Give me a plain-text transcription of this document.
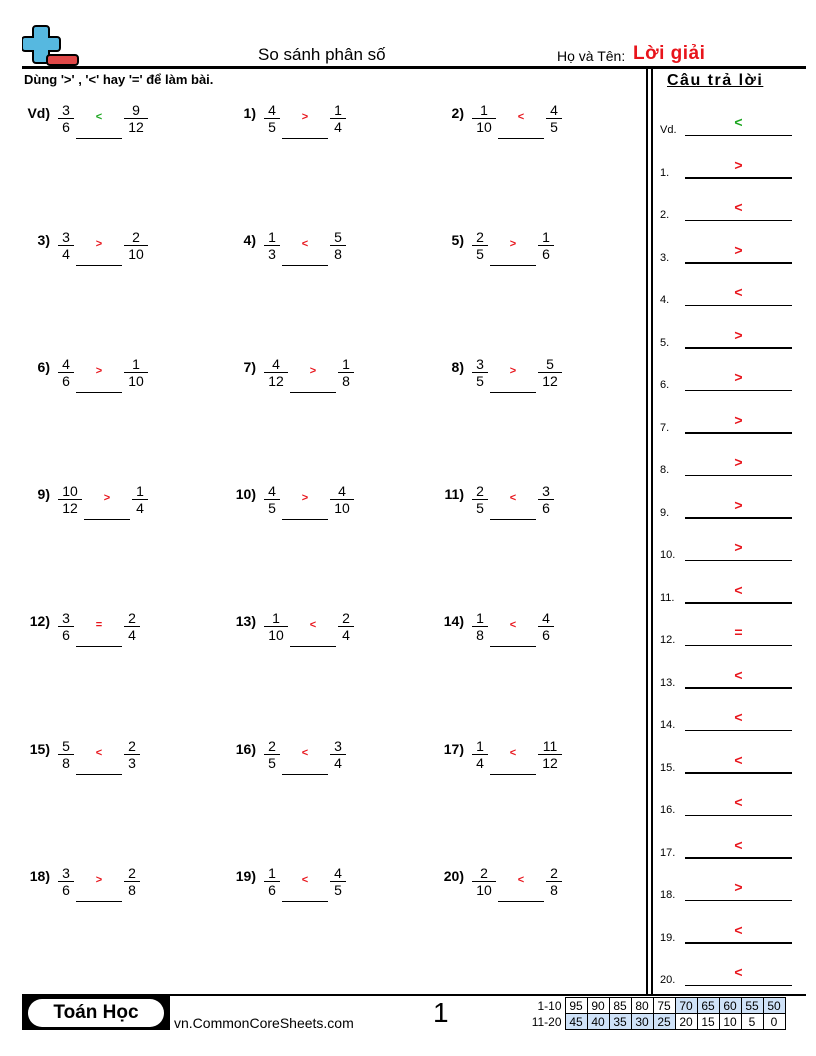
So sánh phân số	Họ và Tên: Lời giải
Dùng '>' , '<' hay '=' để làm bài.
$Vd) \frac{3}{6}$	<	$\frac{9}{12}$	$1) \frac{4}{5}$	>	$\frac{1}{4}$	$2) \frac{1}{10}$	<	$\frac{4}{5}$
$3) \frac{3}{4}$	>	$\frac{2}{10}$	$4) \frac{1}{3}$	<	$\frac{5}{8}$	$5) \frac{2}{5}$	>	$\frac{1}{6}$
$6) \frac{4}{6}$	>	$\frac{1}{10}$	$7) \frac{4}{12}$	>	$\frac{1}{8}$	$8) \frac{3}{5}$	>	$\frac{5}{12}$
$9) \frac{10}{12}$	>	$\frac{1}{4}$	$10) \frac{4}{5}$	>	$\frac{4}{10}$	$11) \frac{2}{5}$	<	$\frac{3}{6}$
$12) \frac{3}{6}$	=	$\frac{2}{4}$	$13) \frac{1}{10}$	<	$\frac{2}{4}$	$14) \frac{1}{8}$	<	$\frac{4}{6}$
$15) \frac{5}{8}$	<	$\frac{2}{3}$	$16) \frac{2}{5}$	<	$\frac{3}{4}$	$17) \frac{1}{4}$	<	$\frac{11}{12}$
$18) \frac{3}{6}$	>	$\frac{2}{8}$	$19) \frac{1}{6}$	<	$\frac{4}{5}$	$20) \frac{2}{10}$	<	$\frac{2}{8}$
Câu trả lời
Vd.	<
1.	>
2.	<
3.	>
4.	<
5.	>
6.	>
7.	>
8.	>
9.	>
10.	>
11.	<
12.	=
13.	<
14.	<
15.	<
16.	<
17.	<
18.	>
19.	<
20.	<
Toán Học	vn.CommonCoreSheets.com	1	1-10	95	90	85	80	75	70	65	60	55	50
11-20	45	40	35	30	25	20	15	10	5	0
